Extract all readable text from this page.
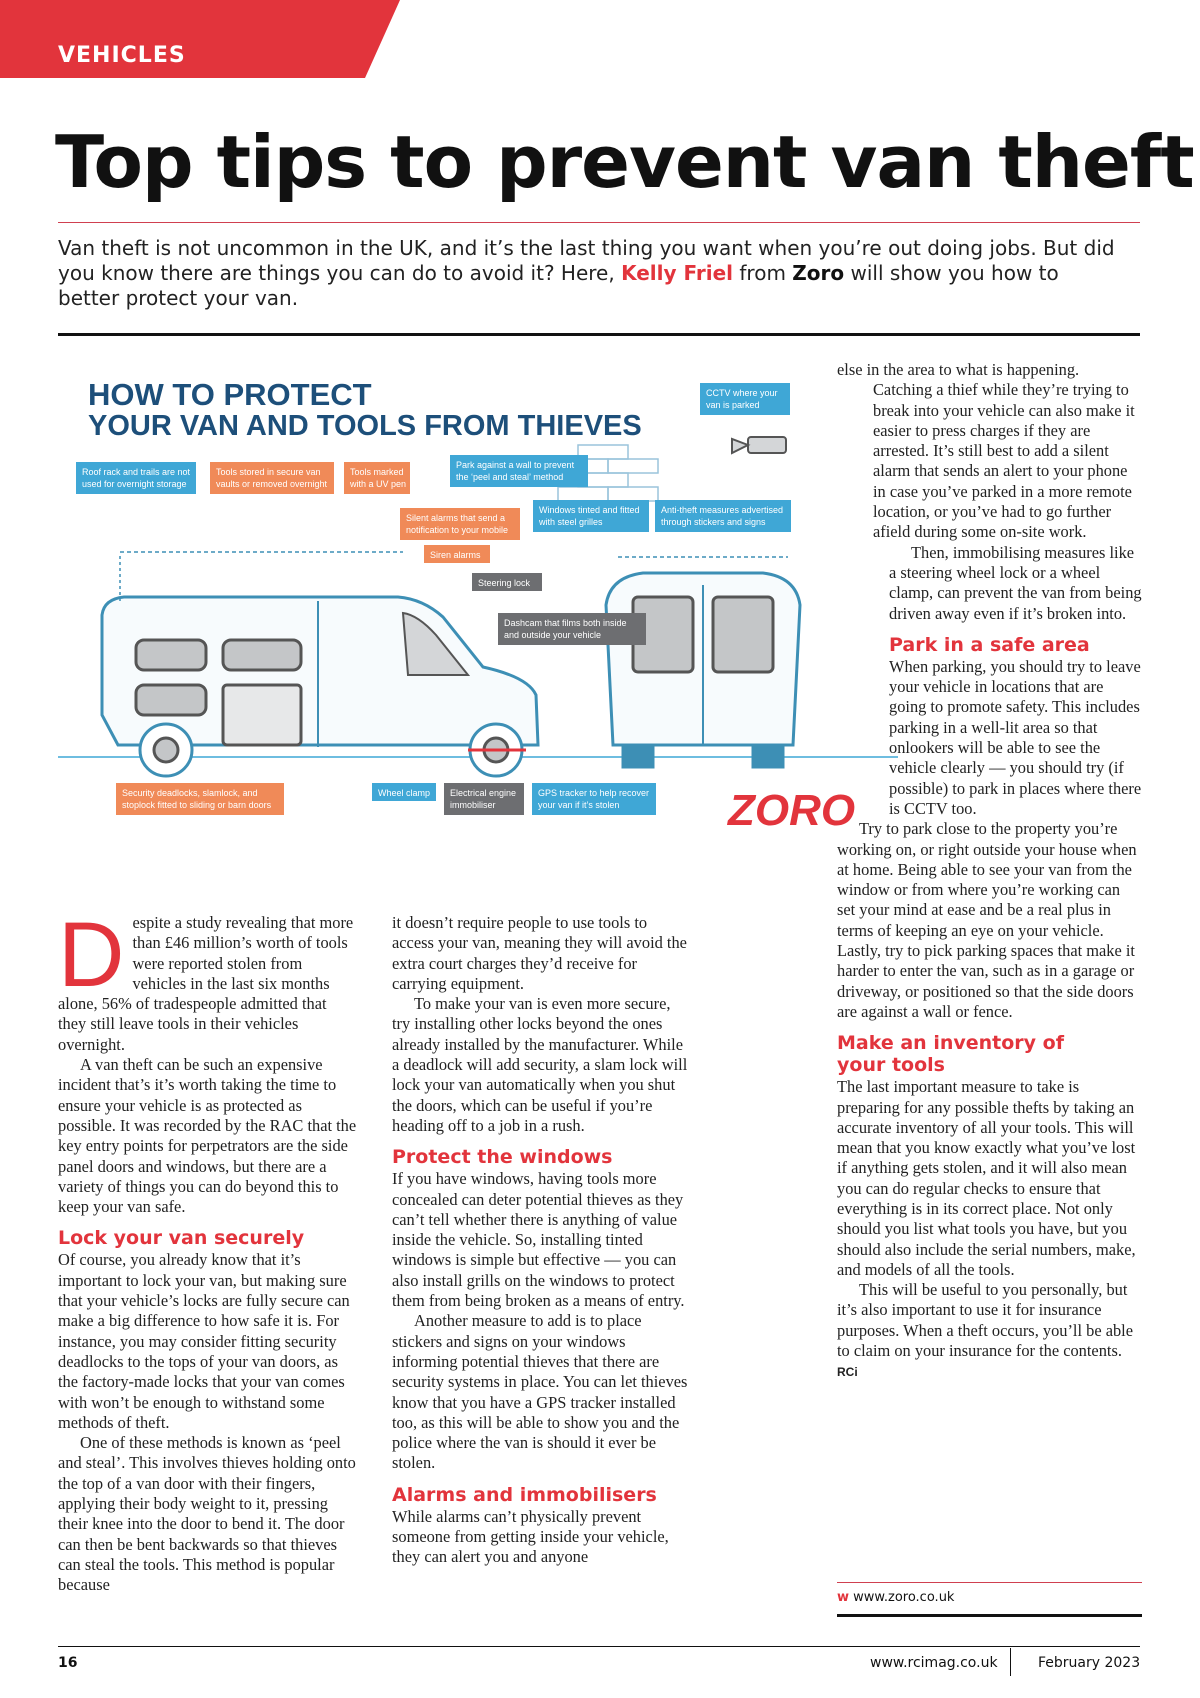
VEHICLES
Top tips to prevent van theft

Van theft is not uncommon in the UK, and it’s the last thing you want when you’re out doing jobs. But did you know there are things you can do to avoid it? Here, Kelly Friel from Zoro will show you how to better protect your van.

HOW TO PROTECT
YOUR VAN AND TOOLS FROM THIEVES
Roof rack and trails are not
used for overnight storage
Tools stored in secure van
vaults or removed overnight
Tools marked
with a UV pen
Park against a wall to prevent
the ‘peel and steal’ method
CCTV where your
van is parked
Silent alarms that send a
notification to your mobile
Windows tinted and fitted
with steel grilles
Anti-theft measures advertised
through stickers and signs
Siren alarms
Steering lock
Dashcam that films both inside
and outside your vehicle
Security deadlocks, slamlock, and
stoplock fitted to sliding or barn doors
Wheel clamp Electrical engine
immobiliser
GPS tracker to help recover
your van if it’s stolen ZORO
D espite a study revealing that more than £46 million’s worth of tools were reported stolen from vehicles in the last six months alone, 56% of tradespeople admitted that they still leave tools in their vehicles overnight.

A van theft can be such an expensive incident that’s it’s worth taking the time to ensure your vehicle is as protected as possible. It was recorded by the RAC that the key entry points for perpetrators are the side panel doors and windows, but there are a variety of things you can do beyond this to keep your van safe.

Lock your van securely

Of course, you already know that it’s important to lock your van, but making sure that your vehicle’s locks are fully secure can make a big difference to how safe it is. For instance, you may consider fitting security deadlocks to the tops of your van doors, as the factory-made locks that your van comes with won’t be enough to withstand some methods of theft.

One of these methods is known as ‘peel and steal’. This involves thieves holding onto the top of a van door with their fingers, applying their body weight to it, pressing their knee into the door to bend it. The door can then be bent backwards so that thieves can steal the tools. This method is popular because

it doesn’t require people to use tools to access your van, meaning they will avoid the extra court charges they’d receive for carrying equipment.

To make your van is even more secure, try installing other locks beyond the ones already installed by the manufacturer. While a deadlock will add security, a slam lock will lock your van automatically when you shut the doors, which can be useful if you’re heading off to a job in a rush.

Protect the windows

If you have windows, having tools more concealed can deter potential thieves as they can’t tell whether there is anything of value inside the vehicle. So, installing tinted windows is simple but effective — you can also install grills on the windows to protect them from being broken as a means of entry.

Another measure to add is to place stickers and signs on your windows informing potential thieves that there are security systems in place. You can let thieves know that you have a GPS tracker installed too, as this will be able to show you and the police where the van is should it ever be stolen.

Alarms and immobilisers

While alarms can’t physically prevent someone from getting inside your vehicle, they can alert you and anyone

else in the area to what is happening. Catching a thief while they’re trying to break into your vehicle can also make it easier to press charges if they are arrested. It’s still best to add a silent alarm that sends an alert to your phone in case you’ve parked in a more remote location, or you’ve had to go further afield during some on-site work.

Then, immobilising measures like a steering wheel lock or a wheel clamp, can prevent the van from being driven away even if it’s broken into.

Park in a safe area

When parking, you should try to leave your vehicle in locations that are going to promote safety. This includes parking in a well-lit area so that onlookers will be able to see the vehicle clearly — you should try (if possible) to park in places where there is CCTV too.

Try to park close to the property you’re working on, or right outside your house when at home. Being able to see your van from the window or from where you’re working can set your mind at ease and be a real plus in terms of keeping an eye on your vehicle. Lastly, try to pick parking spaces that make it harder to enter the van, such as in a garage or driveway, or positioned so that the side doors are against a wall or fence.

Make an inventory of your tools

The last important measure to take is preparing for any possible thefts by taking an accurate inventory of all your tools. This will mean that you know exactly what you’ve lost if anything gets stolen, and it will also mean you can do regular checks to ensure that everything is in its correct place. Not only should you list what tools you have, but you should also include the serial numbers, make, and models of all the tools.

This will be useful to you personally, but it’s also important to use it for insurance purposes. When a theft occurs, you’ll be able to claim on your insurance for the contents. RCi

w www.zoro.co.uk
16	www.rcimag.co.uk	February 2023
